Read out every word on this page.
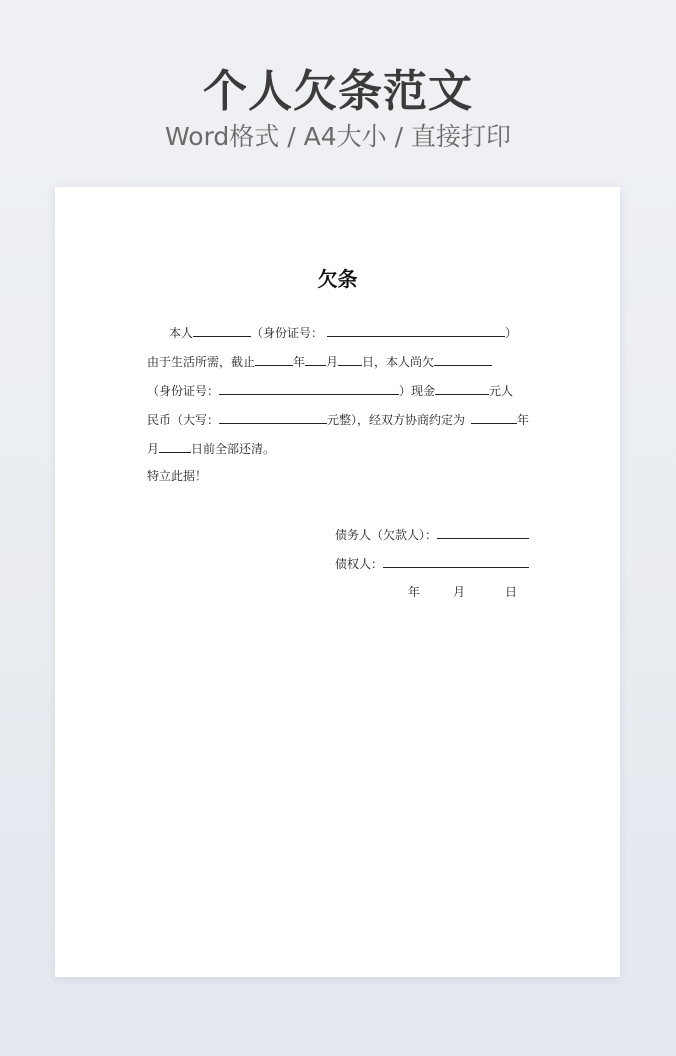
个人欠条范文
Word格式 / A4大小 / 直接打印
欠条
本人	（身份证号：	）
由于生活所需，截止	年 月 日，本人尚欠
（身份证号：	）现金	元人
民币（大写：	元整），经双方协商约定为	年
月	日前全部还清。
特立此据！
债务人（欠款人）：
债权人：
年	月	日
